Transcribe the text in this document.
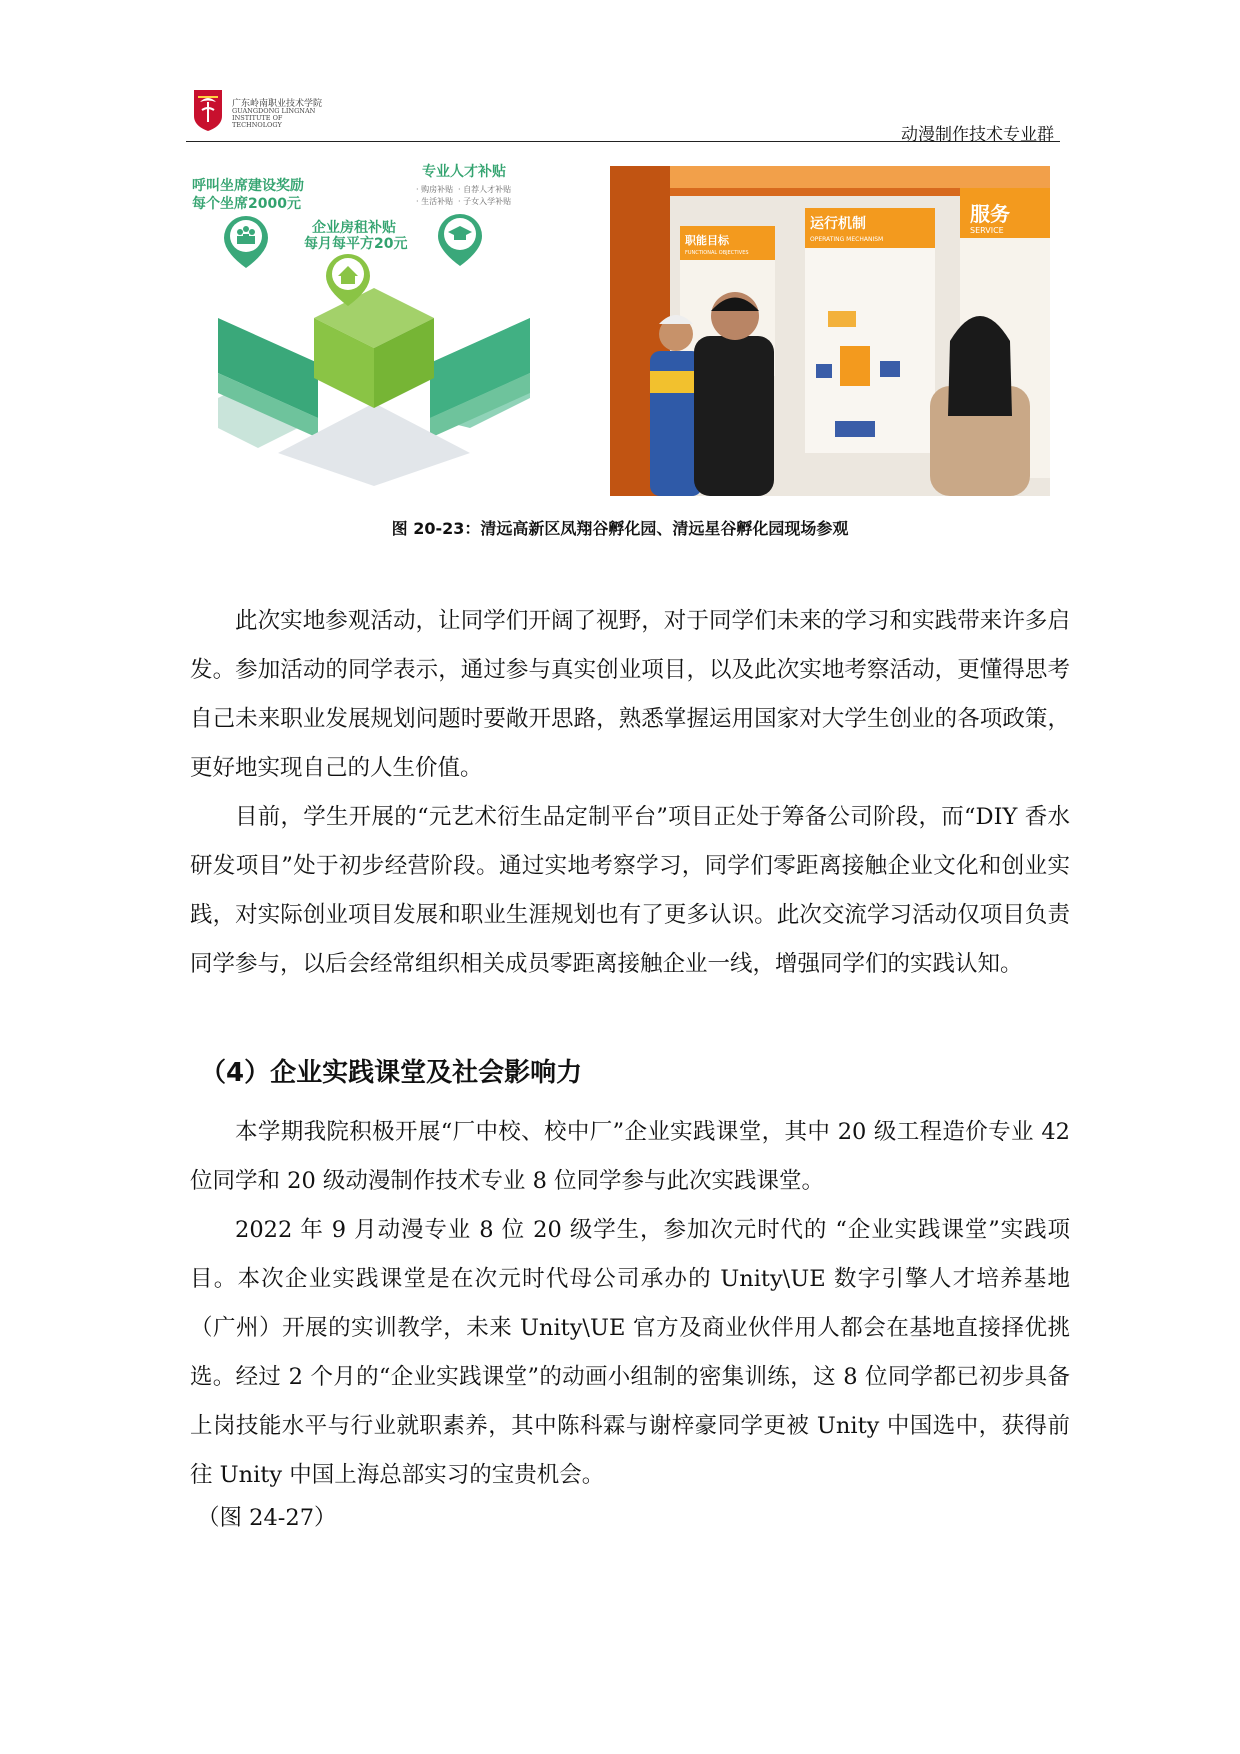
广东岭南职业技术学院
GUANGDONG LINGNAN INSTITUTE OF TECHNOLOGY	动漫制作技术专业群
呼叫坐席建设奖励
每个坐席2000元
企业房租补贴
每月每平方20元
专业人才补贴
· 购房补贴 · 自荐人才补贴
· 生活补贴 · 子女入学补贴
职能目标
FUNCTIONAL OBJECTIVES
运行机制
OPERATING MECHANISM
服务
SERVICE
图 20-23：清远高新区凤翔谷孵化园、清远星谷孵化园现场参观

此次实地参观活动，让同学们开阔了视野，对于同学们未来的学习和实践带来许多启发。参加活动的同学表示，通过参与真实创业项目，以及此次实地考察活动，更懂得思考自己未来职业发展规划问题时要敞开思路，熟悉掌握运用国家对大学生创业的各项政策，更好地实现自己的人生价值。

目前，学生开展的“元艺术衍生品定制平台”项目正处于筹备公司阶段，而“DIY 香水研发项目”处于初步经营阶段。通过实地考察学习，同学们零距离接触企业文化和创业实践，对实际创业项目发展和职业生涯规划也有了更多认识。此次交流学习活动仅项目负责同学参与，以后会经常组织相关成员零距离接触企业一线，增强同学们的实践认知。

（4）企业实践课堂及社会影响力

本学期我院积极开展“厂中校、校中厂”企业实践课堂，其中 20 级工程造价专业 42 位同学和 20 级动漫制作技术专业 8 位同学参与此次实践课堂。

2022 年 9 月动漫专业 8 位 20 级学生，参加次元时代的 “企业实践课堂”实践项目。本次企业实践课堂是在次元时代母公司承办的 Unity\UE 数字引擎人才培养基地（广州）开展的实训教学，未来 Unity\UE 官方及商业伙伴用人都会在基地直接择优挑选。经过 2 个月的“企业实践课堂”的动画小组制的密集训练，这 8 位同学都已初步具备上岗技能水平与行业就职素养，其中陈科霖与谢梓豪同学更被 Unity 中国选中，获得前往 Unity 中国上海总部实习的宝贵机会。

（图 24-27）
